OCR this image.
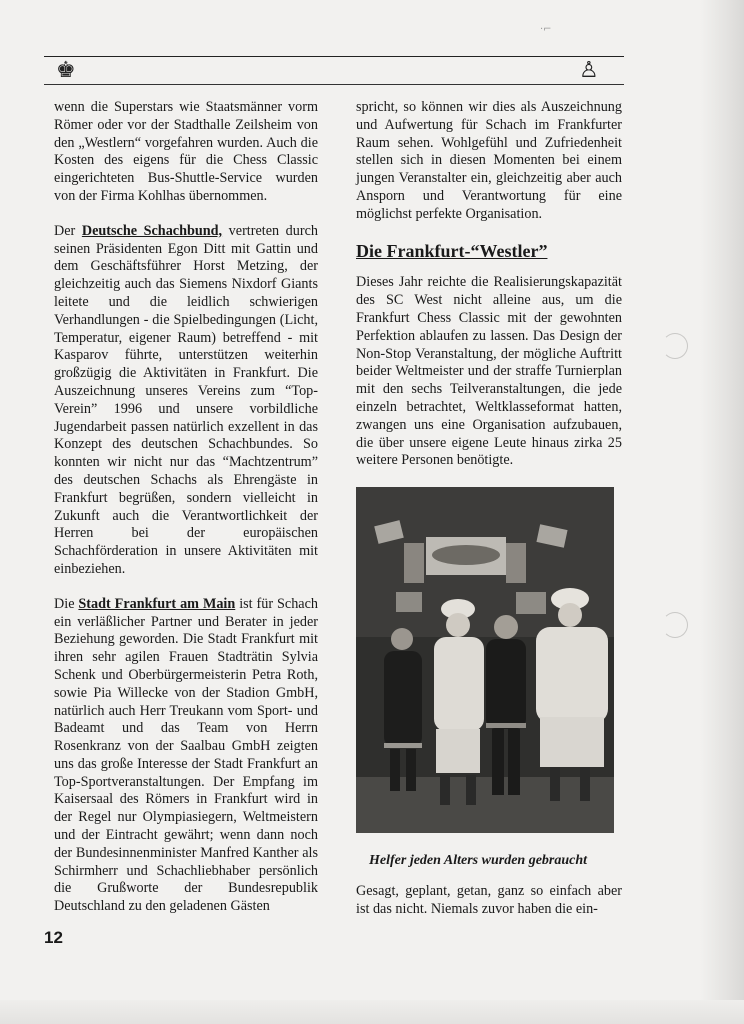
·⌐
♚	♙

wenn die Superstars wie Staatsmänner vorm Römer oder vor der Stadthalle Zeilsheim von den „Westlern“ vorgefahren wurden. Auch die Kosten des eigens für die Chess Classic eingerichteten Bus-Shuttle-Service wurden von der Firma Kohlhas übernommen.

Der Deutsche Schachbund, vertreten durch seinen Präsidenten Egon Ditt mit Gattin und dem Geschäftsführer Horst Metzing, der gleichzeitig auch das Siemens Nixdorf Giants leitete und die leidlich schwierigen Verhandlungen - die Spielbedingungen (Licht, Temperatur, eigener Raum) betreffend - mit Kasparov führte, unterstützen weiterhin großzügig die Aktivitäten in Frankfurt. Die Auszeichnung unseres Vereins zum “Top-Verein” 1996 und unsere vorbildliche Jugendarbeit passen natürlich exzellent in das Konzept des deutschen Schachbundes. So konnten wir nicht nur das “Machtzentrum” des deutschen Schachs als Ehrengäste in Frankfurt begrüßen, sondern vielleicht in Zukunft auch die Verantwortlichkeit der Herren bei der europäischen Schachförderation in unsere Aktivitäten mit einbeziehen.

Die Stadt Frankfurt am Main ist für Schach ein verläßlicher Partner und Berater in jeder Beziehung geworden. Die Stadt Frankfurt mit ihren sehr agilen Frauen Stadträtin Sylvia Schenk und Oberbürgermeisterin Petra Roth, sowie Pia Willecke von der Stadion GmbH, natürlich auch Herr Treukann vom Sport- und Badeamt und das Team von Herrn Rosenkranz von der Saalbau GmbH zeigten uns das große Interesse der Stadt Frankfurt an Top-Sportveranstaltungen. Der Empfang im Kaisersaal des Römers in Frankfurt wird in der Regel nur Olympiasiegern, Weltmeistern und der Eintracht gewährt; wenn dann noch der Bundesinnenminister Manfred Kanther als Schirmherr und Schachliebhaber persönlich die Grußworte der Bundesrepublik Deutschland zu den geladenen Gästen

spricht, so können wir dies als Auszeichnung und Aufwertung für Schach im Frankfurter Raum sehen. Wohlgefühl und Zufriedenheit stellen sich in diesen Momenten bei einem jungen Veranstalter ein, gleichzeitig aber auch Ansporn und Verantwortung für eine möglichst perfekte Organisation.

Die Frankfurt-“Westler”

Dieses Jahr reichte die Realisierungskapazität des SC West nicht alleine aus, um die Frankfurt Chess Classic mit der gewohnten Perfektion ablaufen zu lassen. Das Design der Non-Stop Veranstaltung, der mögliche Auftritt beider Weltmeister und der straffe Turnierplan mit den sechs Teilveranstaltungen, die jede einzeln betrachtet, Weltklasseformat hatten, zwangen uns eine Organisation aufzubauen, die über unsere eigene Leute hinaus zirka 25 weitere Personen benötigte.

Helfer jeden Alters wurden gebraucht

Gesagt, geplant, getan, ganz so einfach aber ist das nicht. Niemals zuvor haben die ein-

12
